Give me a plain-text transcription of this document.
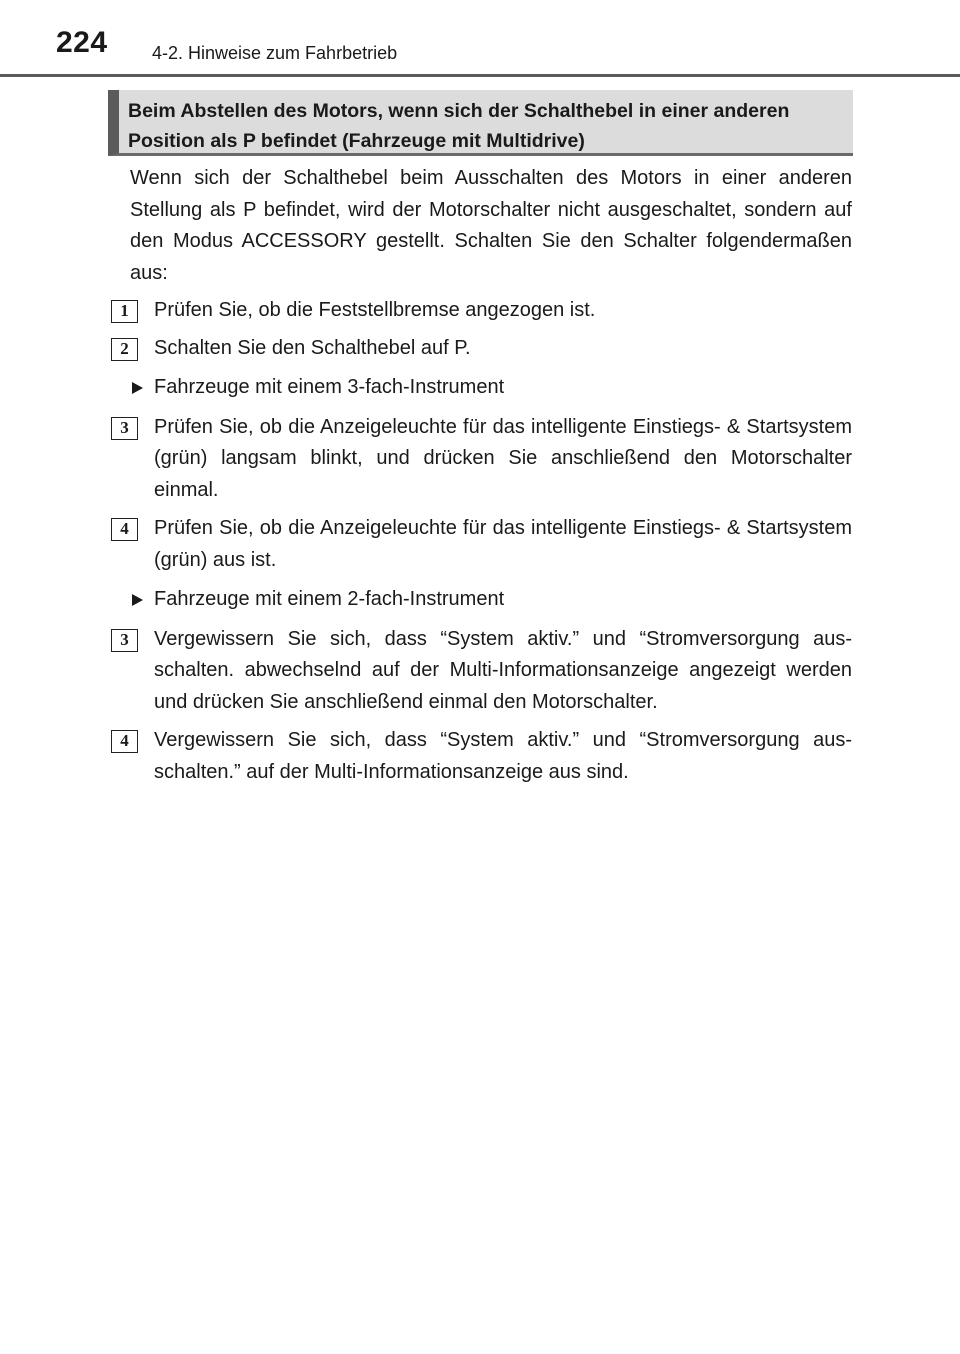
224 4-2. Hinweise zum Fahrbetrieb
Beim Abstellen des Motors, wenn sich der Schalthebel in einer anderen
Position als P befindet (Fahrzeuge mit Multidrive)

Wenn sich der Schalthebel beim Ausschalten des Motors in einer anderen Stellung als P befindet, wird der Motorschalter nicht ausgeschaltet, sondern auf den Modus ACCESSORY gestellt. Schalten Sie den Schalter folgendermaßen aus:

1	Prüfen Sie, ob die Feststellbremse angezogen ist.
2	Schalten Sie den Schalthebel auf P.
Fahrzeuge mit einem 3-fach-Instrument
3	Prüfen Sie, ob die Anzeigeleuchte für das intelligente Einstiegs- & Startsystem (grün) langsam blinkt, und drücken Sie anschließend den Motorschalter einmal.
4	Prüfen Sie, ob die Anzeigeleuchte für das intelligente Einstiegs- & Startsystem (grün) aus ist.
Fahrzeuge mit einem 2-fach-Instrument
3	Vergewissern Sie sich, dass “System aktiv.” und “Stromversorgung ausschalten. abwechselnd auf der Multi-Informationsanzeige angezeigt werden und drücken Sie anschließend einmal den Motorschalter.
4	Vergewissern Sie sich, dass “System aktiv.” und “Stromversorgung ausschalten.” auf der Multi-Informationsanzeige aus sind.
